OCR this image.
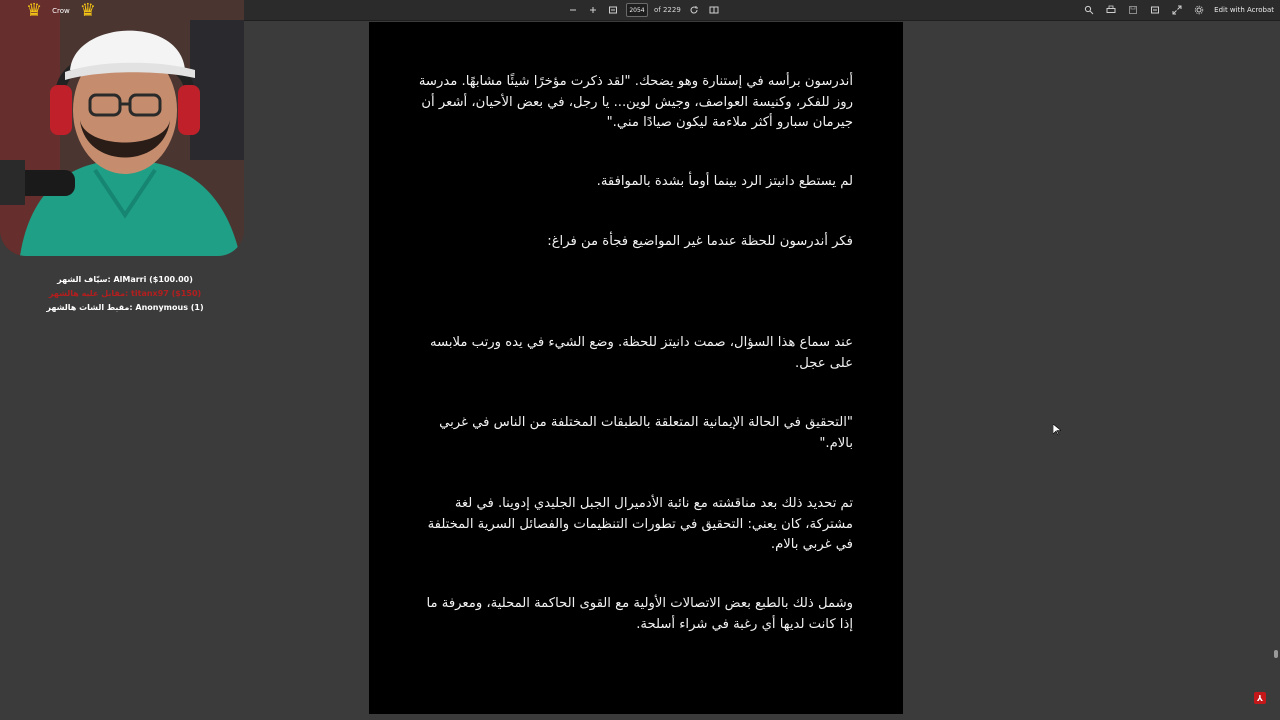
2054	of 2229	Edit with Acrobat
أندرسون برأسه في إستنارة وهو يضحك. "لقد ذكرت مؤخرًا شيئًا مشابهًا. مدرسة روز للفكر، وكنيسة العواصف، وجيش لوين... يا رجل، في بعض الأحيان، أشعر أن جيرمان سبارو أكثر ملاءمة ليكون صيادًا مني."
لم يستطع دانيتز الرد بينما أومأ بشدة بالموافقة.
فكر أندرسون للحظة عندما غير المواضيع فجأة من فراغ:
عند سماع هذا السؤال، صمت دانيتز للحظة. وضع الشيء في يده ورتب ملابسه على عجل.
"التحقيق في الحالة الإيمانية المتعلقة بالطبقات المختلفة من الناس في غربي بالام."
تم تحديد ذلك بعد مناقشته مع نائبة الأدميرال الجبل الجليدي إدوينا. في لغة مشتركة، كان يعني: التحقيق في تطورات التنظيمات والفصائل السرية المختلفة في غربي بالام.
وشمل ذلك بالطبع بعض الاتصالات الأولية مع القوى الحاكمة المحلية، ومعرفة ما إذا كانت لديها أي رغبة في شراء أسلحة.
♛ Crow ♛

AlMarri ($100.00) :سيّاف الشهر
titanx97 ($150) :مقابل عليه هالشهر
Anonymous (1) :مقبط الشات هالشهر
⅄
